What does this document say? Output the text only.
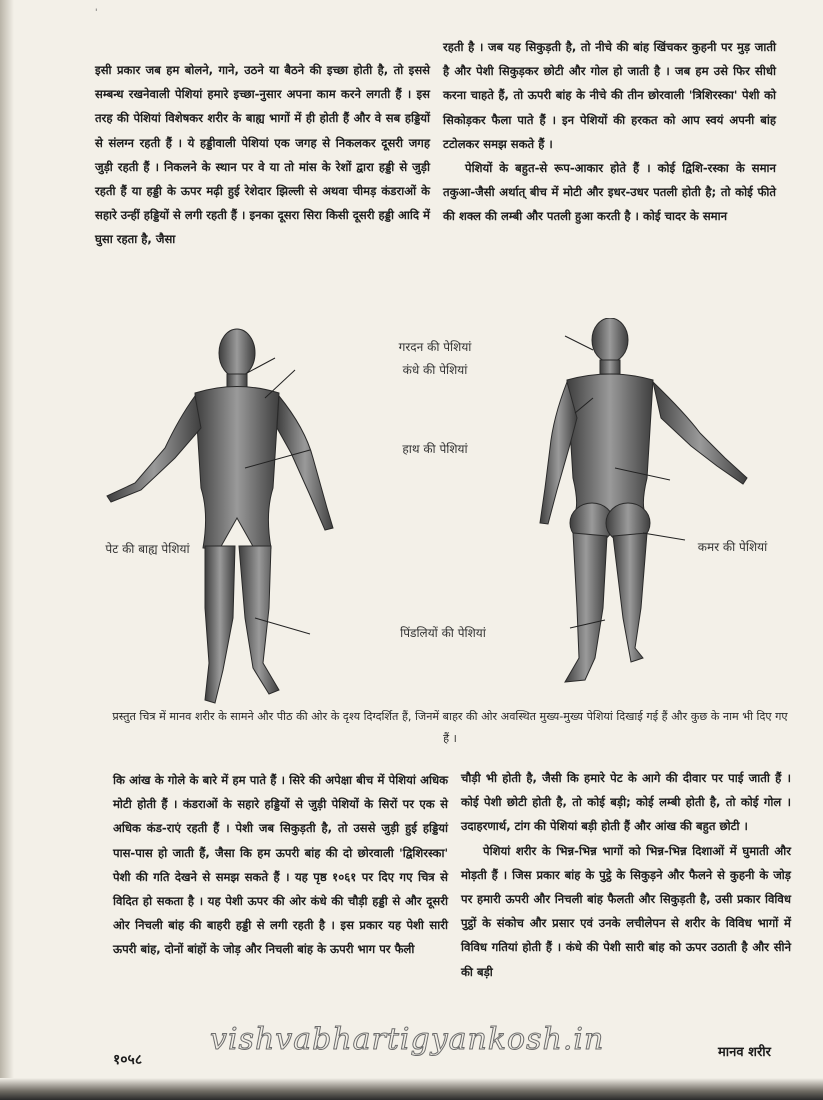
'

इसी प्रकार जब हम बोलने, गाने, उठने या बैठने की इच्छा होती है, तो इससे सम्बन्ध रखनेवाली पेशियां हमारे इच्छा-नुसार अपना काम करने लगती हैं । इस तरह की पेशियां विशेषकर शरीर के बाह्य भागों में ही होती हैं और वे सब हड्डियों से संलग्न रहती हैं । ये हड्डीवाली पेशियां एक जगह से निकलकर दूसरी जगह जुड़ी रहती हैं । निकलने के स्थान पर वे या तो मांस के रेशों द्वारा हड्डी से जुड़ी रहती हैं या हड्डी के ऊपर मढ़ी हुई रेशेदार झिल्ली से अथवा चीमड़ कंडराओं के सहारे उन्हीं हड्डियों से लगी रहती हैं । इनका दूसरा सिरा किसी दूसरी हड्डी आदि में घुसा रहता है, जैसा

रहती है । जब यह सिकुड़ती है, तो नीचे की बांह खिंचकर कुहनी पर मुड़ जाती है और पेशी सिकुड़कर छोटी और गोल हो जाती है । जब हम उसे फिर सीधी करना चाहते हैं, तो ऊपरी बांह के नीचे की तीन छोरवाली 'त्रिशिरस्का' पेशी को सिकोड़कर फैला पाते हैं । इन पेशियों की हरकत को आप स्वयं अपनी बांह टटोलकर समझ सकते हैं ।

पेशियों के बहुत-से रूप-आकार होते हैं । कोई द्विशि-रस्का के समान तकुआ-जैसी अर्थात् बीच में मोटी और इधर-उधर पतली होती है; तो कोई फीते की शक्ल की लम्बी और पतली हुआ करती है । कोई चादर के समान

गरदन की पेशियां
कंधे की पेशियां
हाथ की पेशियां
पेट की बाह्य पेशियां	कमर की पेशियां
पिंडलियों की पेशियां
प्रस्तुत चित्र में मानव शरीर के सामने और पीठ की ओर के दृश्य दिग्दर्शित हैं, जिनमें बाहर की ओर अवस्थित मुख्य-मुख्य पेशियां दिखाई गई हैं और कुछ के नाम भी दिए गए हैं ।

कि आंख के गोले के बारे में हम पाते हैं । सिरे की अपेक्षा बीच में पेशियां अधिक मोटी होती हैं । कंडराओं के सहारे हड्डियों से जुड़ी पेशियों के सिरों पर एक से अधिक कंड-राएं रहती हैं । पेशी जब सिकुड़ती है, तो उससे जुड़ी हुई हड्डियां पास-पास हो जाती हैं, जैसा कि हम ऊपरी बांह की दो छोरवाली 'द्विशिरस्का' पेशी की गति देखने से समझ सकते हैं । यह पृष्ठ १०६१ पर दिए गए चित्र से विदित हो सकता है । यह पेशी ऊपर की ओर कंधे की चौड़ी हड्डी से और दूसरी ओर निचली बांह की बाहरी हड्डी से लगी रहती है । इस प्रकार यह पेशी सारी ऊपरी बांह, दोनों बांहों के जोड़ और निचली बांह के ऊपरी भाग पर फैली

चौड़ी भी होती है, जैसी कि हमारे पेट के आगे की दीवार पर पाई जाती हैं । कोई पेशी छोटी होती है, तो कोई बड़ी; कोई लम्बी होती है, तो कोई गोल । उदाहरणार्थ, टांग की पेशियां बड़ी होती हैं और आंख की बहुत छोटी ।

पेशियां शरीर के भिन्न-भिन्न भागों को भिन्न-भिन्न दिशाओं में घुमाती और मोड़ती हैं । जिस प्रकार बांह के पुट्ठे के सिकुड़ने और फैलने से कुहनी के जोड़ पर हमारी ऊपरी और निचली बांह फैलती और सिकुड़ती है, उसी प्रकार विविध पुट्ठों के संकोच और प्रसार एवं उनके लचीलेपन से शरीर के विविध भागों में विविध गतियां होती हैं । कंधे की पेशी सारी बांह को ऊपर उठाती है और सीने की बड़ी

vishvabhartigyankosh.in
१०५८	मानव शरीर
